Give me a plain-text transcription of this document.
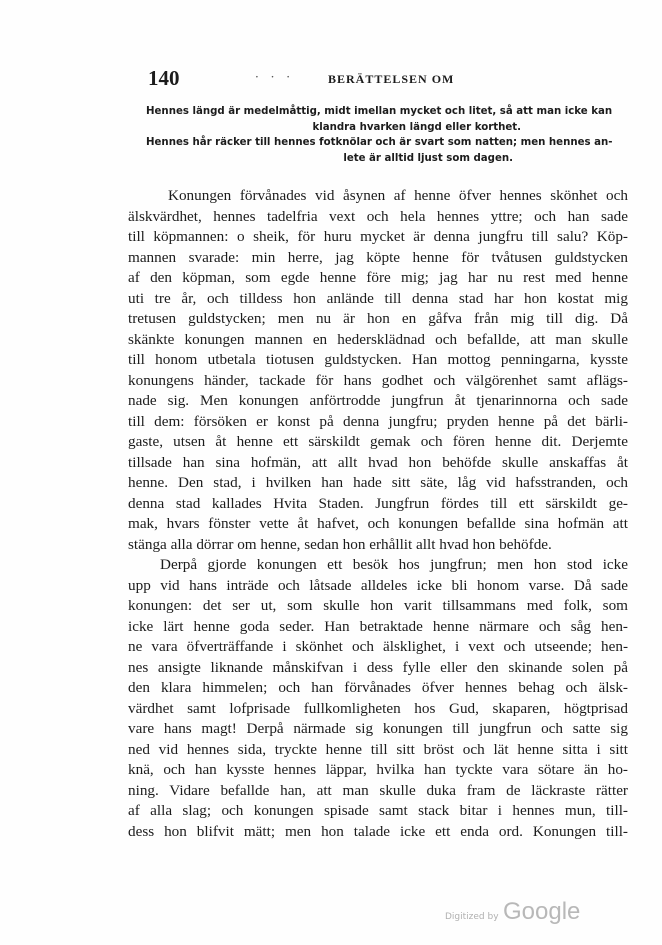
140	· · ·	BERÄTTELSEN OM
Hennes längd är medelmåttig, midt imellan mycket och litet, så att man icke kan
klandra hvarken längd eller korthet.
Hennes hår räcker till hennes fotknölar och är svart som natten; men hennes an-
lete är alltid ljust som dagen.
Konungen förvånades vid åsynen af henne öfver hennes skönhet och
älskvärdhet, hennes tadelfria vext och hela hennes yttre; och han sade
till köpmannen: o sheik, för huru mycket är denna jungfru till salu? Köp-
mannen svarade: min herre, jag köpte henne för tvåtusen guldstycken
af den köpman, som egde henne före mig; jag har nu rest med henne
uti tre år, och tilldess hon anlände till denna stad har hon kostat mig
tretusen guldstycken; men nu är hon en gåfva från mig till dig. Då
skänkte konungen mannen en hedersklädnad och befallde, att man skulle
till honom utbetala tiotusen guldstycken. Han mottog penningarna, kysste
konungens händer, tackade för hans godhet och välgörenhet samt aflägs-
nade sig. Men konungen anförtrodde jungfrun åt tjenarinnorna och sade
till dem: försöken er konst på denna jungfru; pryden henne på det bärli-
gaste, utsen åt henne ett särskildt gemak och fören henne dit. Derjemte
tillsade han sina hofmän, att allt hvad hon behöfde skulle anskaffas åt
henne. Den stad, i hvilken han hade sitt säte, låg vid hafsstranden, och
denna stad kallades Hvita Staden. Jungfrun fördes till ett särskildt ge-
mak, hvars fönster vette åt hafvet, och konungen befallde sina hofmän att
stänga alla dörrar om henne, sedan hon erhållit allt hvad hon behöfde.
Derpå gjorde konungen ett besök hos jungfrun; men hon stod icke
upp vid hans inträde och låtsade alldeles icke bli honom varse. Då sade
konungen: det ser ut, som skulle hon varit tillsammans med folk, som
icke lärt henne goda seder. Han betraktade henne närmare och såg hen-
ne vara öfverträffande i skönhet och älsklighet, i vext och utseende; hen-
nes ansigte liknande månskifvan i dess fylle eller den skinande solen på
den klara himmelen; och han förvånades öfver hennes behag och älsk-
värdhet samt lofprisade fullkomligheten hos Gud, skaparen, högtprisad
vare hans magt! Derpå närmade sig konungen till jungfrun och satte sig
ned vid hennes sida, tryckte henne till sitt bröst och lät henne sitta i sitt
knä, och han kysste hennes läppar, hvilka han tyckte vara sötare än ho-
ning. Vidare befallde han, att man skulle duka fram de läckraste rätter
af alla slag; och konungen spisade samt stack bitar i hennes mun, till-
dess hon blifvit mätt; men hon talade icke ett enda ord. Konungen till-
Digitized by Google
